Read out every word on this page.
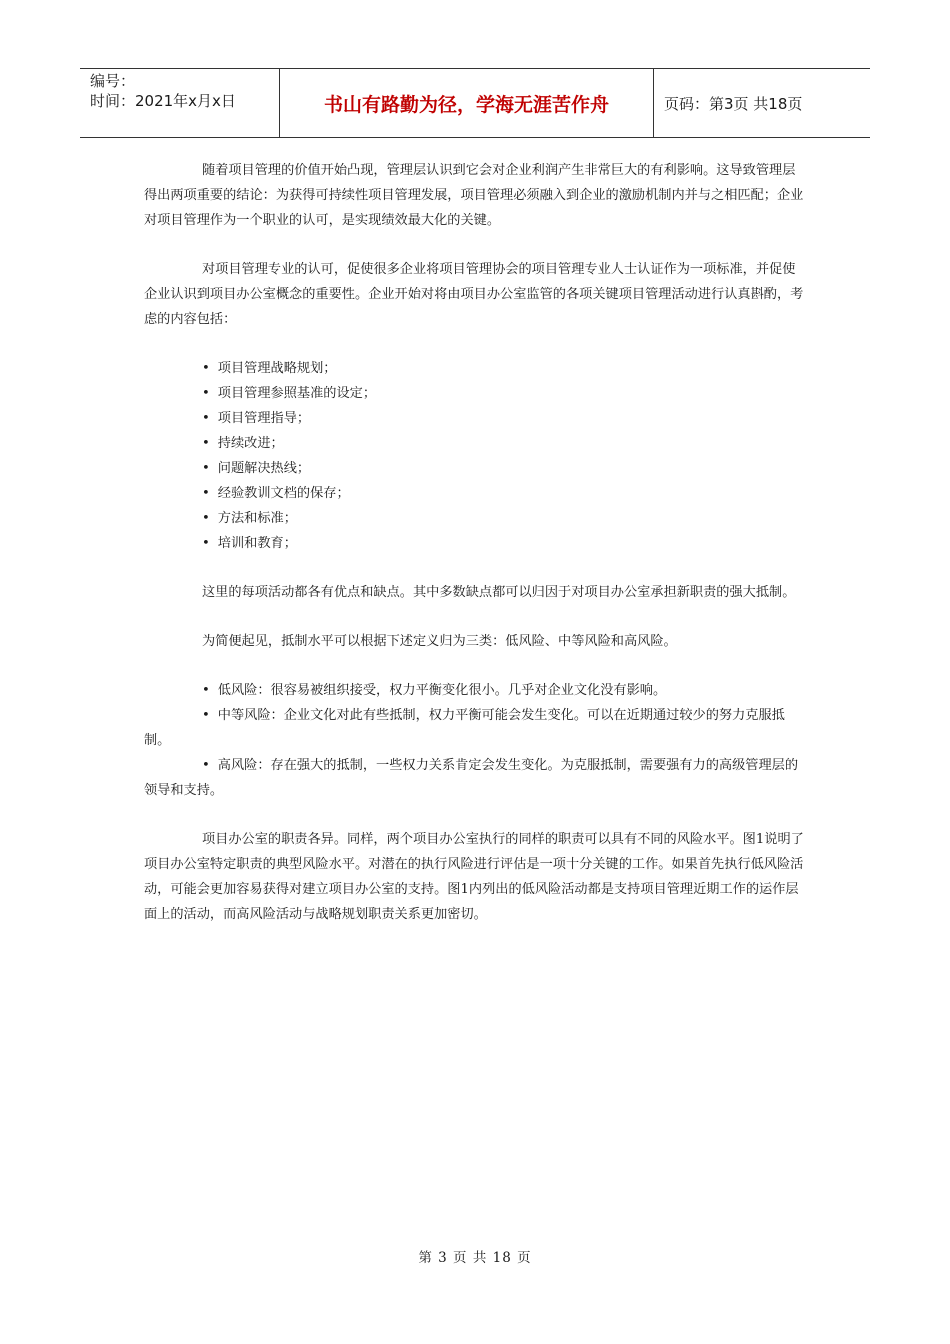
编号：
时间：2021年x月x日	书山有路勤为径，学海无涯苦作舟	页码：第3页 共18页

随着项目管理的价值开始凸现，管理层认识到它会对企业利润产生非常巨大的有利影响。这导致管理层得出两项重要的结论：为获得可持续性项目管理发展，项目管理必须融入到企业的激励机制内并与之相匹配；企业对项目管理作为一个职业的认可，是实现绩效最大化的关键。

对项目管理专业的认可，促使很多企业将项目管理协会的项目管理专业人士认证作为一项标准，并促使企业认识到项目办公室概念的重要性。企业开始对将由项目办公室监管的各项关键项目管理活动进行认真斟酌，考虑的内容包括：

• 项目管理战略规划；
• 项目管理参照基准的设定；
• 项目管理指导；
• 持续改进；
• 问题解决热线；
• 经验教训文档的保存；
• 方法和标准；
• 培训和教育；

这里的每项活动都各有优点和缺点。其中多数缺点都可以归因于对项目办公室承担新职责的强大抵制。

为简便起见，抵制水平可以根据下述定义归为三类：低风险、中等风险和高风险。

• 低风险：很容易被组织接受，权力平衡变化很小。几乎对企业文化没有影响。
• 中等风险：企业文化对此有些抵制，权力平衡可能会发生变化。可以在近期通过较少的努力克服抵制。
• 高风险：存在强大的抵制，一些权力关系肯定会发生变化。为克服抵制，需要强有力的高级管理层的领导和支持。

项目办公室的职责各异。同样，两个项目办公室执行的同样的职责可以具有不同的风险水平。图1说明了项目办公室特定职责的典型风险水平。对潜在的执行风险进行评估是一项十分关键的工作。如果首先执行低风险活动，可能会更加容易获得对建立项目办公室的支持。图1内列出的低风险活动都是支持项目管理近期工作的运作层面上的活动，而高风险活动与战略规划职责关系更加密切。

第 3 页 共 18 页
